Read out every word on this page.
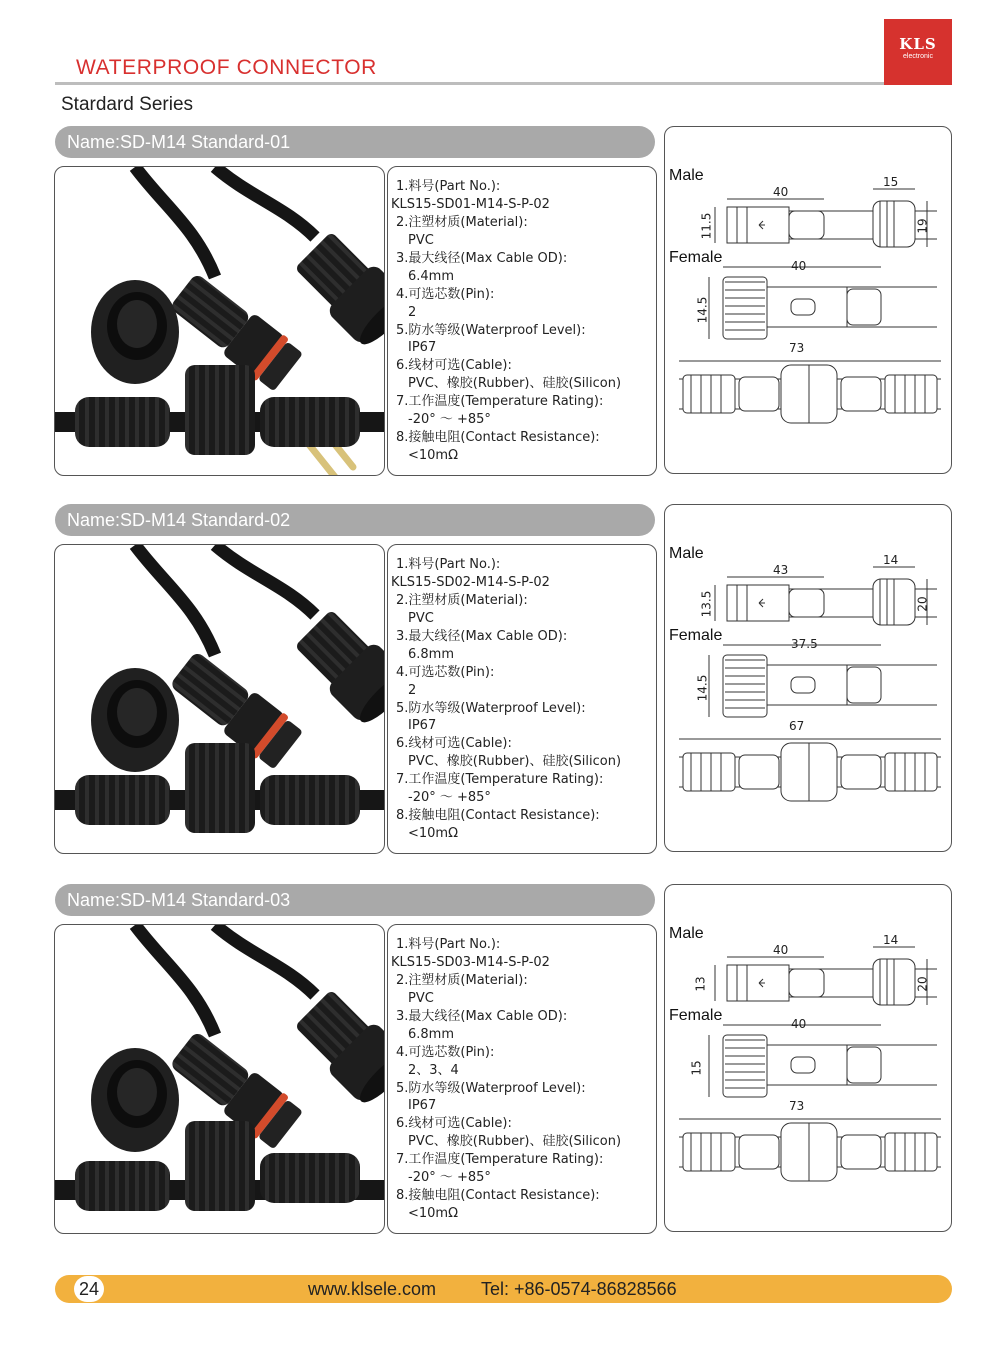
WATERPROOF CONNECTOR
KLS
electronic
Stardard Series
Name:SD-M14 Standard-01
1.料号(Part No.):
KLS15-SD01-M14-S-P-02
2.注塑材质(Material):
PVC
3.最大线径(Max Cable OD):
6.4mm
4.可选芯数(Pin):
2
5.防水等级(Waterproof Level):
IP67
6.线材可选(Cable):
PVC、橡胶(Rubber)、硅胶(Silicon)
7.工作温度(Temperature Rating):
-20° ～ +85°
8.接触电阻(Contact Resistance):
<10mΩ
Male
Female
40
15
11.5	19
40
14.5
73
Name:SD-M14 Standard-02
1.料号(Part No.):
KLS15-SD02-M14-S-P-02
2.注塑材质(Material):
PVC
3.最大线径(Max Cable OD):
6.8mm
4.可选芯数(Pin):
2
5.防水等级(Waterproof Level):
IP67
6.线材可选(Cable):
PVC、橡胶(Rubber)、硅胶(Silicon)
7.工作温度(Temperature Rating):
-20° ～ +85°
8.接触电阻(Contact Resistance):
<10mΩ
Male
Female
43
14
13.5	20
37.5
14.5
67
Name:SD-M14 Standard-03
1.料号(Part No.):
KLS15-SD03-M14-S-P-02
2.注塑材质(Material):
PVC
3.最大线径(Max Cable OD):
6.8mm
4.可选芯数(Pin):
2、3、4
5.防水等级(Waterproof Level):
IP67
6.线材可选(Cable):
PVC、橡胶(Rubber)、硅胶(Silicon)
7.工作温度(Temperature Rating):
-20° ～ +85°
8.接触电阻(Contact Resistance):
<10mΩ
Male
Female
40
14
13	20
40
15
73
24	www.klsele.com Tel: +86-0574-86828566
